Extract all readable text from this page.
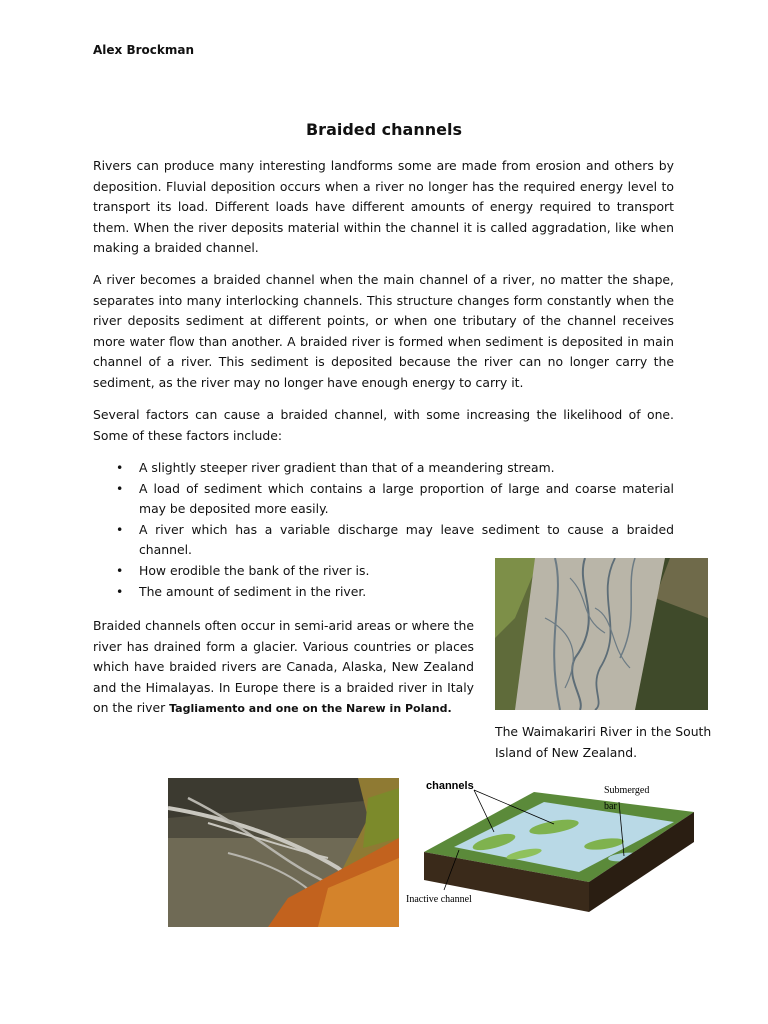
Alex Brockman
Braided channels

Rivers can produce many interesting landforms some are made from erosion and others by deposition. Fluvial deposition occurs when a river no longer has the required energy level to transport its load. Different loads have different amounts of energy required to transport them. When the river deposits material within the channel it is called aggradation, like when making a braided channel.

A river becomes a braided channel when the main channel of a river, no matter the shape, separates into many interlocking channels. This structure changes form constantly when the river deposits sediment at different points, or when one tributary of the channel receives more water flow than another. A braided river is formed when sediment is deposited in main channel of a river. This sediment is deposited because the river can no longer carry the sediment, as the river may no longer have enough energy to carry it.

Several factors can cause a braided channel, with some increasing the likelihood of one. Some of these factors include:

• A slightly steeper river gradient than that of a meandering stream.
• A load of sediment which contains a large proportion of large and coarse material may be deposited more easily.
• A river which has a variable discharge may leave sediment to cause a braided channel.
• How erodible the bank of the river is.
• The amount of sediment in the river.

Braided channels often occur in semi-arid areas or where the river has drained form a glacier. Various countries or places which have braided rivers are Canada, Alaska, New Zealand and the Himalayas. In Europe there is a braided river in Italy on the river Tagliamento and one on the Narew in Poland.

The Waimakariri River in the South Island of New Zealand.
channels	Submerged
bar
Inactive channel
